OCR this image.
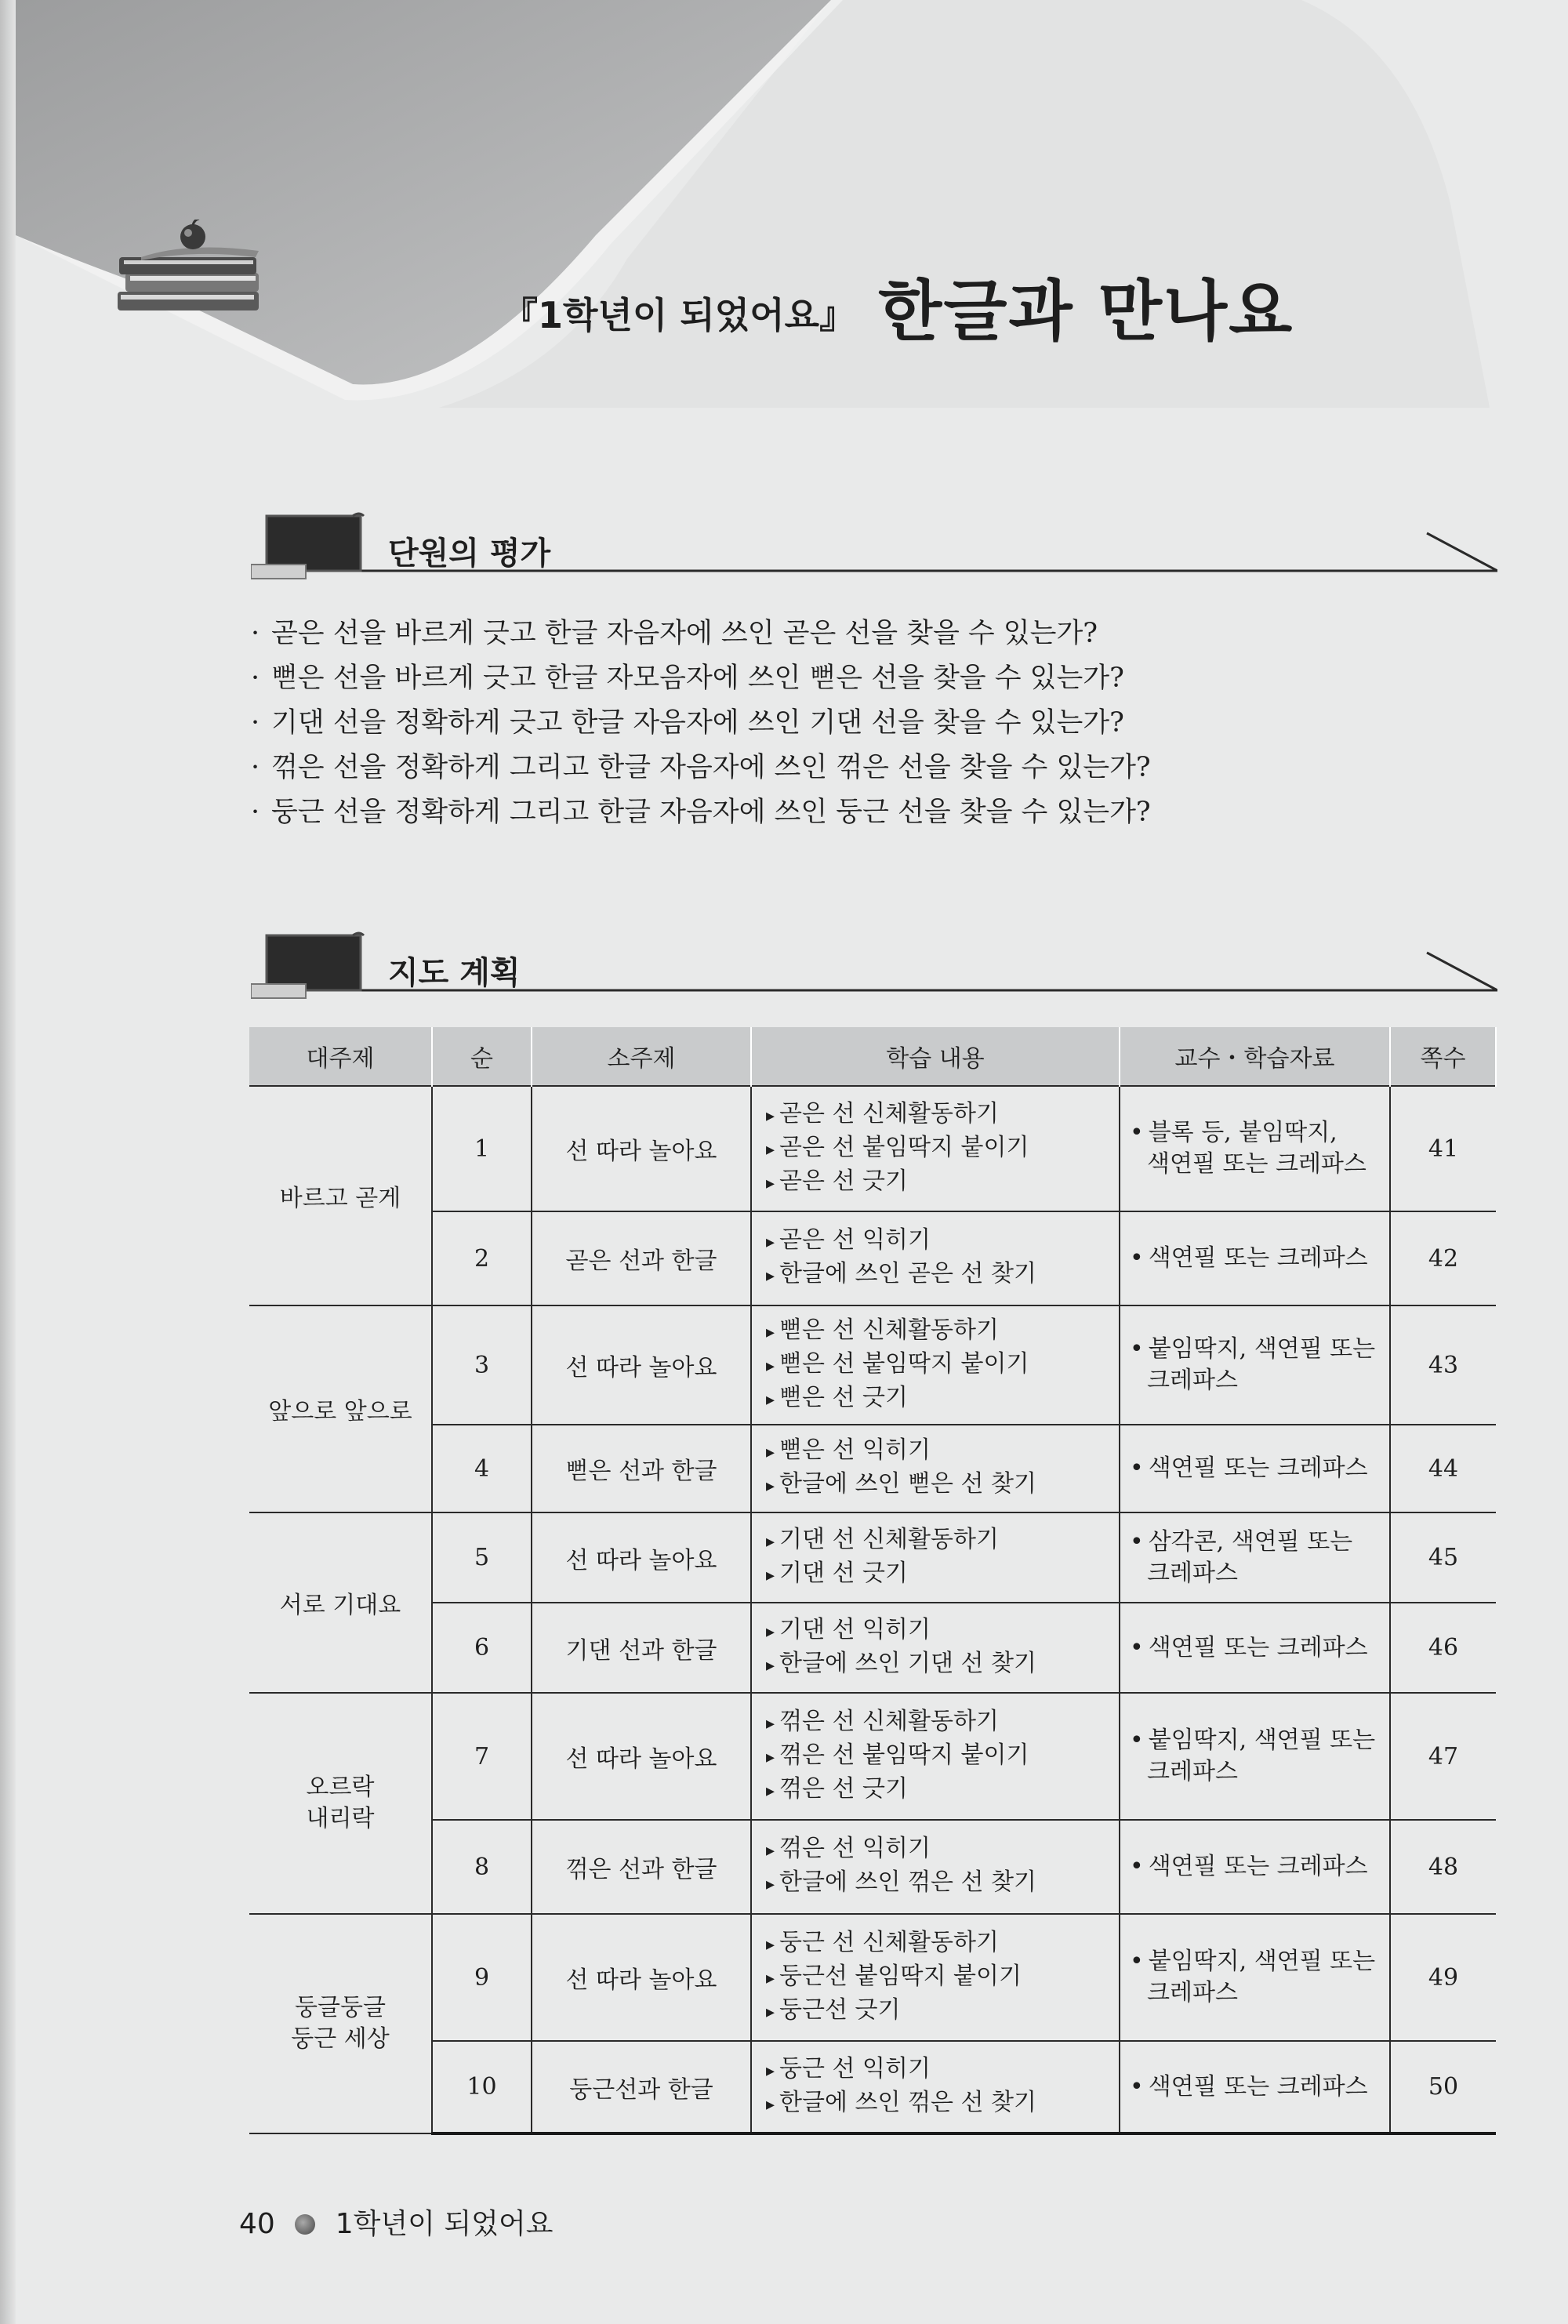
『1학년이 되었어요』 한글과 만나요
단원의 평가
· 곧은 선을 바르게 긋고 한글 자음자에 쓰인 곧은 선을 찾을 수 있는가?
· 뻗은 선을 바르게 긋고 한글 자모음자에 쓰인 뻗은 선을 찾을 수 있는가?
· 기댄 선을 정확하게 긋고 한글 자음자에 쓰인 기댄 선을 찾을 수 있는가?
· 꺾은 선을 정확하게 그리고 한글 자음자에 쓰인 꺾은 선을 찾을 수 있는가?
· 둥근 선을 정확하게 그리고 한글 자음자에 쓰인 둥근 선을 찾을 수 있는가?
지도 계획
대주제	순	소주제	학습 내용	교수・학습자료	쪽수
바르고 곧게	1	선 따라 놀아요	▸ 곧은 선 신체활동하기
▸ 곧은 선 붙임딱지 붙이기
▸ 곧은 선 긋기	• 블록 등, 붙임딱지,
색연필 또는 크레파스	41
	2	곧은 선과 한글	▸ 곧은 선 익히기
▸ 한글에 쓰인 곧은 선 찾기	• 색연필 또는 크레파스	42
앞으로 앞으로	3	선 따라 놀아요	▸ 뻗은 선 신체활동하기
▸ 뻗은 선 붙임딱지 붙이기
▸ 뻗은 선 긋기	• 붙임딱지, 색연필 또는
크레파스	43
	4	뻗은 선과 한글	▸ 뻗은 선 익히기
▸ 한글에 쓰인 뻗은 선 찾기	• 색연필 또는 크레파스	44
서로 기대요	5	선 따라 놀아요	▸ 기댄 선 신체활동하기
▸ 기댄 선 긋기	• 삼각콘, 색연필 또는
크레파스	45
	6	기댄 선과 한글	▸ 기댄 선 익히기
▸ 한글에 쓰인 기댄 선 찾기	• 색연필 또는 크레파스	46

오르락
내리락	7	선 따라 놀아요	▸ 꺾은 선 신체활동하기
▸ 꺾은 선 붙임딱지 붙이기
▸ 꺾은 선 긋기	• 붙임딱지, 색연필 또는
크레파스	47
	8	꺾은 선과 한글	▸ 꺾은 선 익히기
▸ 한글에 쓰인 꺾은 선 찾기	• 색연필 또는 크레파스	48

둥글둥글
둥근 세상	9	선 따라 놀아요	▸ 둥근 선 신체활동하기
▸ 둥근선 붙임딱지 붙이기
▸ 둥근선 긋기	• 붙임딱지, 색연필 또는
크레파스	49
	10	둥근선과 한글	▸ 둥근 선 익히기
▸ 한글에 쓰인 꺾은 선 찾기	• 색연필 또는 크레파스	50
40 1학년이 되었어요
